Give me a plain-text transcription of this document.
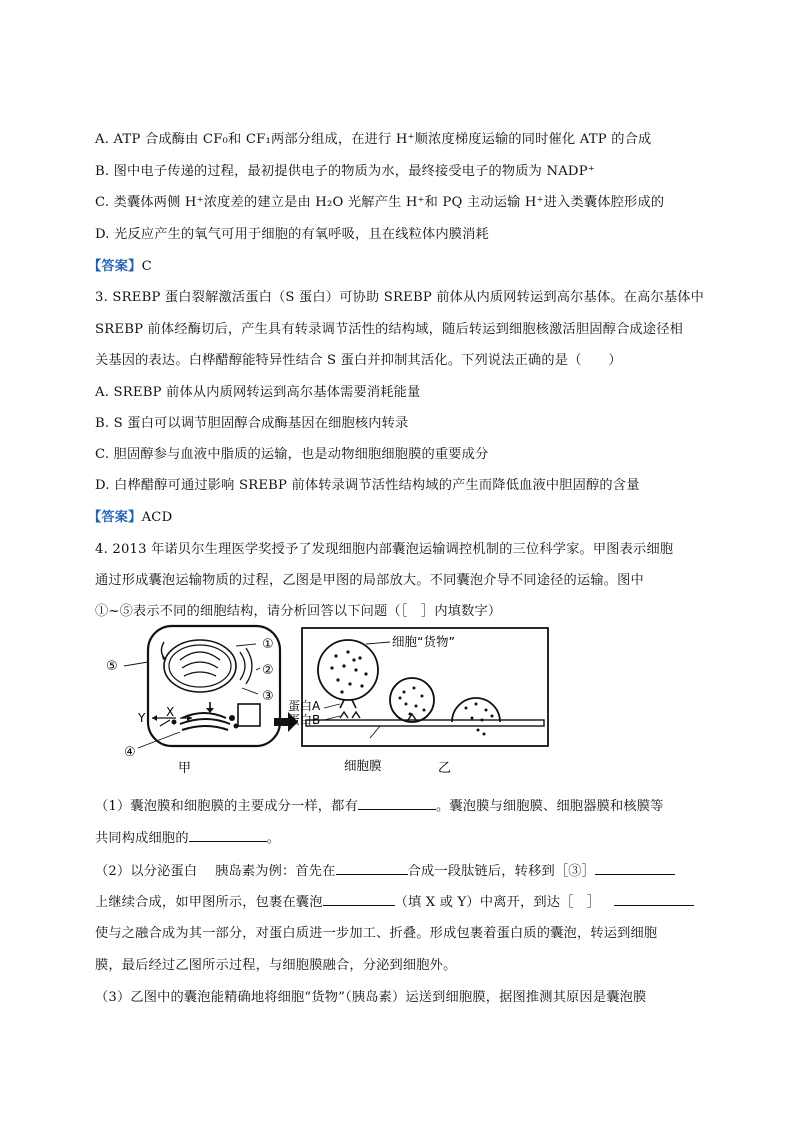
A. ATP 合成酶由 CF₀和 CF₁两部分组成，在进行 H⁺顺浓度梯度运输的同时催化 ATP 的合成
B. 图中电子传递的过程，最初提供电子的物质为水，最终接受电子的物质为 NADP⁺
C. 类囊体两侧 H⁺浓度差的建立是由 H₂O 光解产生 H⁺和 PQ 主动运输 H⁺进入类囊体腔形成的
D. 光反应产生的氧气可用于细胞的有氧呼吸，且在线粒体内膜消耗
【答案】C
3. SREBP 蛋白裂解激活蛋白（S 蛋白）可协助 SREBP 前体从内质网转运到高尔基体。在高尔基体中
SREBP 前体经酶切后，产生具有转录调节活性的结构域，随后转运到细胞核激活胆固醇合成途径相
关基因的表达。白桦醋醇能特异性结合 S 蛋白并抑制其活化。下列说法正确的是（　　）
A. SREBP 前体从内质网转运到高尔基体需要消耗能量
B. S 蛋白可以调节胆固醇合成酶基因在细胞核内转录
C. 胆固醇参与血液中脂质的运输，也是动物细胞细胞膜的重要成分
D. 白桦醋醇可通过影响 SREBP 前体转录调节活性结构域的产生而降低血液中胆固醇的含量
【答案】ACD
4. 2013 年诺贝尔生理医学奖授予了发现细胞内部囊泡运输调控机制的三位科学家。甲图表示细胞
通过形成囊泡运输物质的过程，乙图是甲图的局部放大。不同囊泡介导不同途径的运输。图中
①~⑤表示不同的细胞结构，请分析回答以下问题（［　］内填数字）
①
②
③
④
⑤
Y X
甲
细胞“货物”
蛋白A
蛋白B
细胞膜	乙
（1）囊泡膜和细胞膜的主要成分一样，都有	。囊泡膜与细胞膜、细胞器膜和核膜等
共同构成细胞的	。
（2）以分泌蛋白　 胰岛素为例：首先在	合成一段肽链后，转移到［③］
上继续合成，如甲图所示，包裹在囊泡	（填 X 或 Y）中离开，到达［　］
使与之融合成为其一部分，对蛋白质进一步加工、折叠。形成包裹着蛋白质的囊泡，转运到细胞
膜，最后经过乙图所示过程，与细胞膜融合，分泌到细胞外。
（3）乙图中的囊泡能精确地将细胞“货物”（胰岛素）运送到细胞膜，据图推测其原因是囊泡膜
